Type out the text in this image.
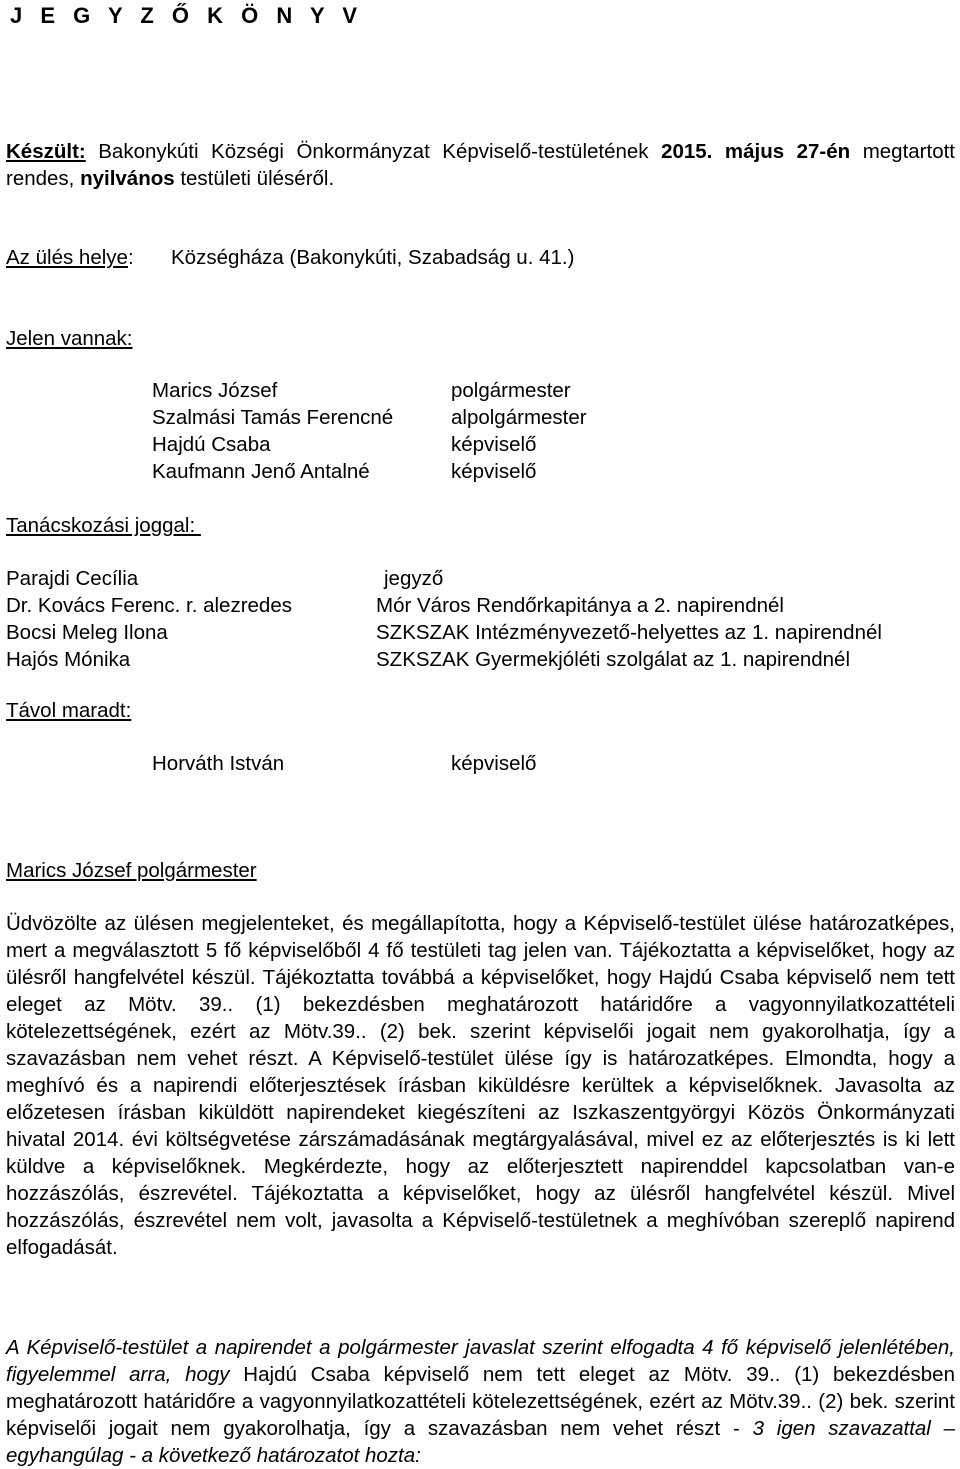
J E G Y Z Ő K Ö N Y V
Készült: Bakonykúti Községi Önkormányzat Képviselő-testületének 2015. május 27-én megtartott rendes, nyilvános testületi üléséről.
Az ülés helye: Községháza (Bakonykúti, Szabadság u. 41.)
Jelen vannak:
Marics József	polgármester
Szalmási Tamás Ferencné	alpolgármester
Hajdú Csaba	képviselő
Kaufmann Jenő Antalné	képviselő
Tanácskozási joggal:
Parajdi Cecília	jegyző
Dr. Kovács Ferenc. r. alezredes	Mór Város Rendőrkapitánya a 2. napirendnél
Bocsi Meleg Ilona	SZKSZAK Intézményvezető-helyettes az 1. napirendnél
Hajós Mónika	SZKSZAK Gyermekjóléti szolgálat az 1. napirendnél
Távol maradt:
Horváth István	képviselő
Marics József polgármester
Üdvözölte az ülésen megjelenteket, és megállapította, hogy a Képviselő-testület ülése határozatképes, mert a megválasztott 5 fő képviselőből 4 fő testületi tag jelen van. Tájékoztatta a képviselőket, hogy az ülésről hangfelvétel készül. Tájékoztatta továbbá a képviselőket, hogy Hajdú Csaba képviselő nem tett eleget az Mötv. 39.. (1) bekezdésben meghatározott határidőre a vagyonnyilatkozattételi kötelezettségének, ezért az Mötv.39.. (2) bek. szerint képviselői jogait nem gyakorolhatja, így a szavazásban nem vehet részt. A Képviselő-testület ülése így is határozatképes. Elmondta, hogy a meghívó és a napirendi előterjesztések írásban kiküldésre kerültek a képviselőknek. Javasolta az előzetesen írásban kiküldött napirendeket kiegészíteni az Iszkaszentgyörgyi Közös Önkormányzati hivatal 2014. évi költségvetése zárszámadásának megtárgyalásával, mivel ez az előterjesztés is ki lett küldve a képviselőknek. Megkérdezte, hogy az előterjesztett napirenddel kapcsolatban van-e hozzászólás, észrevétel. Tájékoztatta a képviselőket, hogy az ülésről hangfelvétel készül. Mivel hozzászólás, észrevétel nem volt, javasolta a Képviselő-testületnek a meghívóban szereplő napirend elfogadását.
A Képviselő-testület a napirendet a polgármester javaslat szerint elfogadta 4 fő képviselő jelenlétében, figyelemmel arra, hogy Hajdú Csaba képviselő nem tett eleget az Mötv. 39.. (1) bekezdésben meghatározott határidőre a vagyonnyilatkozattételi kötelezettségének, ezért az Mötv.39.. (2) bek. szerint képviselői jogait nem gyakorolhatja, így a szavazásban nem vehet részt - 3 igen szavazattal – egyhangúlag - a következő határozatot hozta:
